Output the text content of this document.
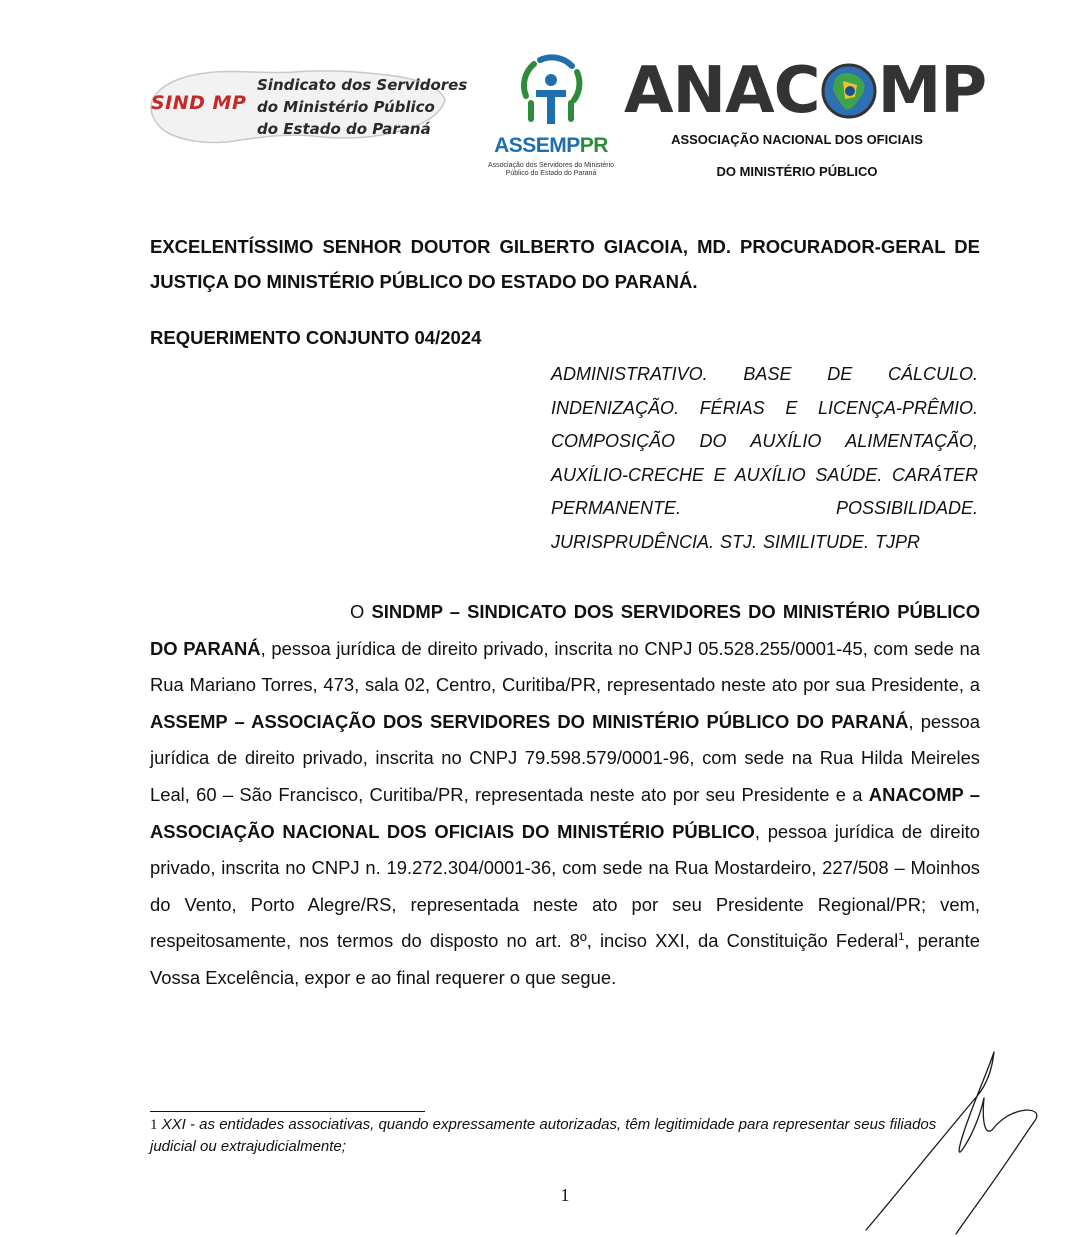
SIND MP
Sindicato dos Servidores
do Ministério Público
do Estado do Paraná
ASSEMPPR
Associação dos Servidores do Ministério Público do Estado do Paraná
ANAC MP
ASSOCIAÇÃO NACIONAL DOS OFICIAIS
DO MINISTÉRIO PÚBLICO
EXCELENTÍSSIMO SENHOR DOUTOR GILBERTO GIACOIA, MD. PROCURADOR-GERAL DE JUSTIÇA DO MINISTÉRIO PÚBLICO DO ESTADO DO PARANÁ.
REQUERIMENTO CONJUNTO 04/2024
ADMINISTRATIVO. BASE DE CÁLCULO. INDENIZAÇÃO. FÉRIAS E LICENÇA-PRÊMIO. COMPOSIÇÃO DO AUXÍLIO ALIMENTAÇÃO, AUXÍLIO-CRECHE E AUXÍLIO SAÚDE. CARÁTER PERMANENTE. POSSIBILIDADE. JURISPRUDÊNCIA. STJ. SIMILITUDE. TJPR
O SINDMP – SINDICATO DOS SERVIDORES DO MINISTÉRIO PÚBLICO DO PARANÁ, pessoa jurídica de direito privado, inscrita no CNPJ 05.528.255/0001-45, com sede na Rua Mariano Torres, 473, sala 02, Centro, Curitiba/PR, representado neste ato por sua Presidente, a ASSEMP – ASSOCIAÇÃO DOS SERVIDORES DO MINISTÉRIO PÚBLICO DO PARANÁ, pessoa jurídica de direito privado, inscrita no CNPJ 79.598.579/0001-96, com sede na Rua Hilda Meireles Leal, 60 – São Francisco, Curitiba/PR, representada neste ato por seu Presidente e a ANACOMP – ASSOCIAÇÃO NACIONAL DOS OFICIAIS DO MINISTÉRIO PÚBLICO, pessoa jurídica de direito privado, inscrita no CNPJ n. 19.272.304/0001-36, com sede na Rua Mostardeiro, 227/508 – Moinhos do Vento, Porto Alegre/RS, representada neste ato por seu Presidente Regional/PR; vem, respeitosamente, nos termos do disposto no art. 8º, inciso XXI, da Constituição Federal$^1$, perante Vossa Excelência, expor e ao final requerer o que segue.
1 XXI - as entidades associativas, quando expressamente autorizadas, têm legitimidade para representar seus filiados judicial ou extrajudicialmente;
1
